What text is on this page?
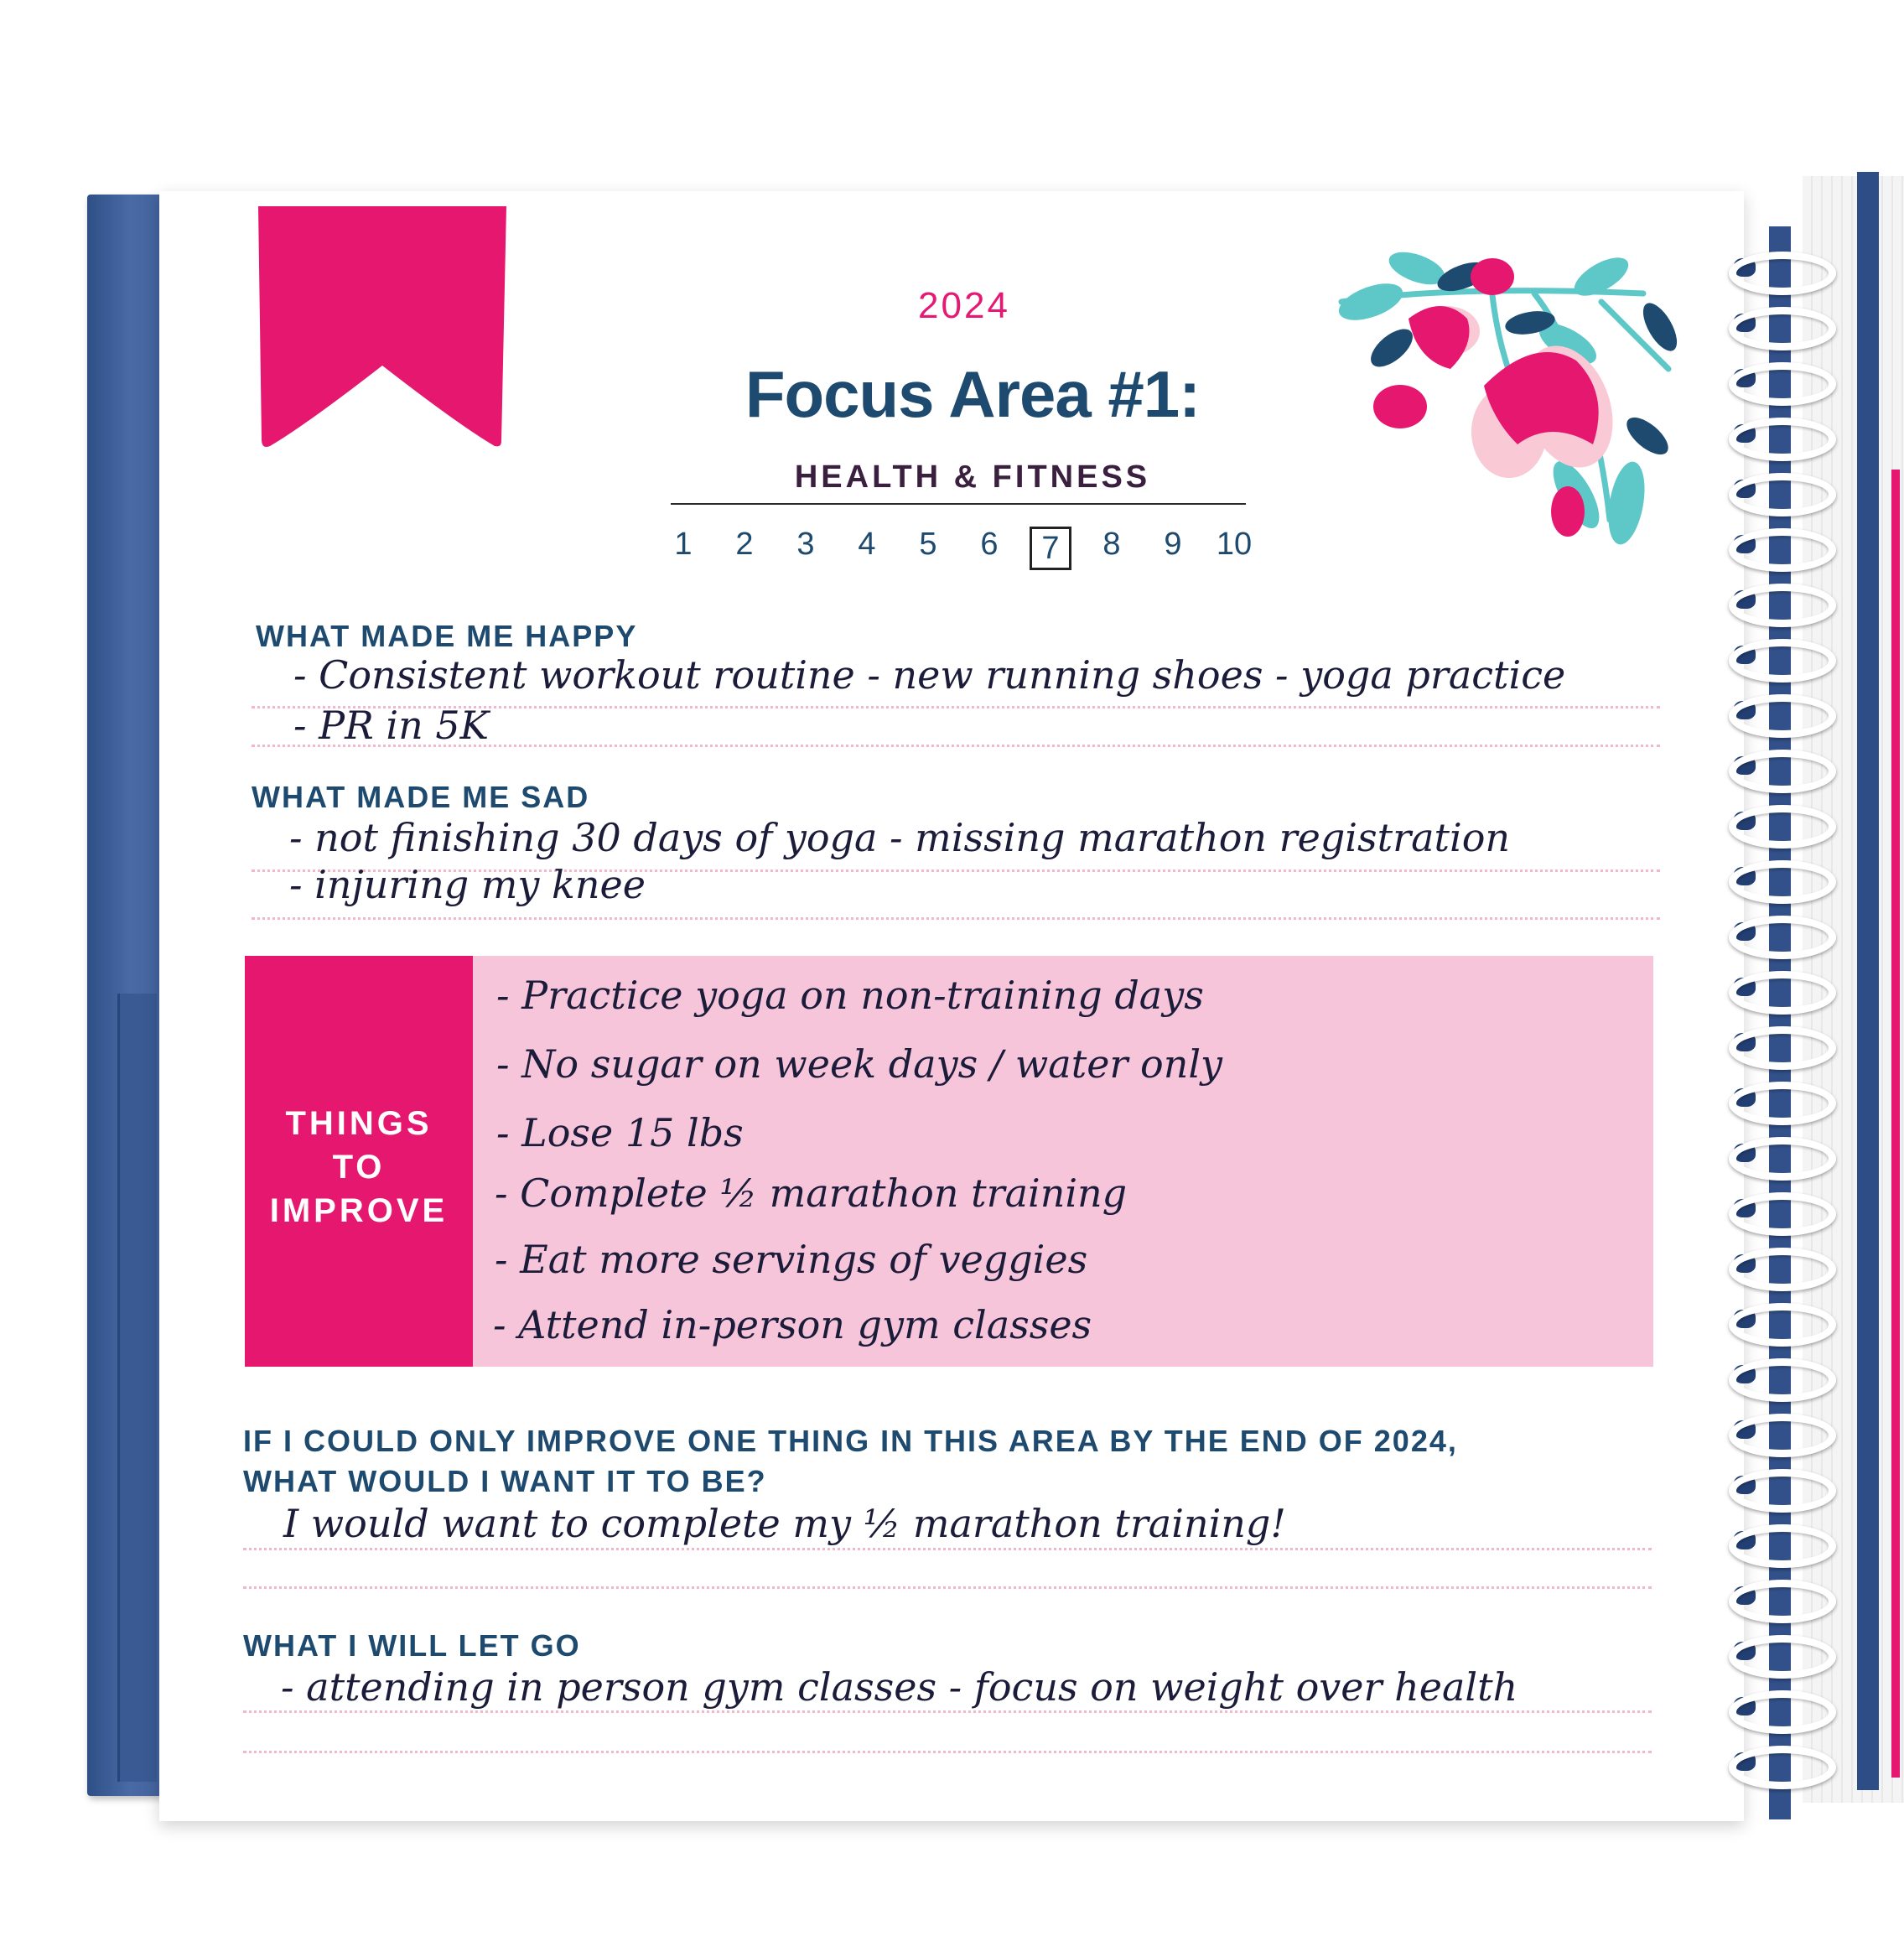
2024
Focus Area #1:
HEALTH & FITNESS
1	2	3	4	5	6	7	8	9	10
WHAT MADE ME HAPPY
- Consistent workout routine - new running shoes - yoga practice
- PR in 5K
WHAT MADE ME SAD
- not finishing 30 days of yoga - missing marathon registration
- injuring my knee
THINGS
TO
IMPROVE
- Practice yoga on non-training days
- No sugar on week days / water only
- Lose 15 lbs
- Complete ½ marathon training
- Eat more servings of veggies
- Attend in-person gym classes
IF I COULD ONLY IMPROVE ONE THING IN THIS AREA BY THE END OF 2024,
WHAT WOULD I WANT IT TO BE?
I would want to complete my ½ marathon training!
WHAT I WILL LET GO
- attending in person gym classes - focus on weight over health
